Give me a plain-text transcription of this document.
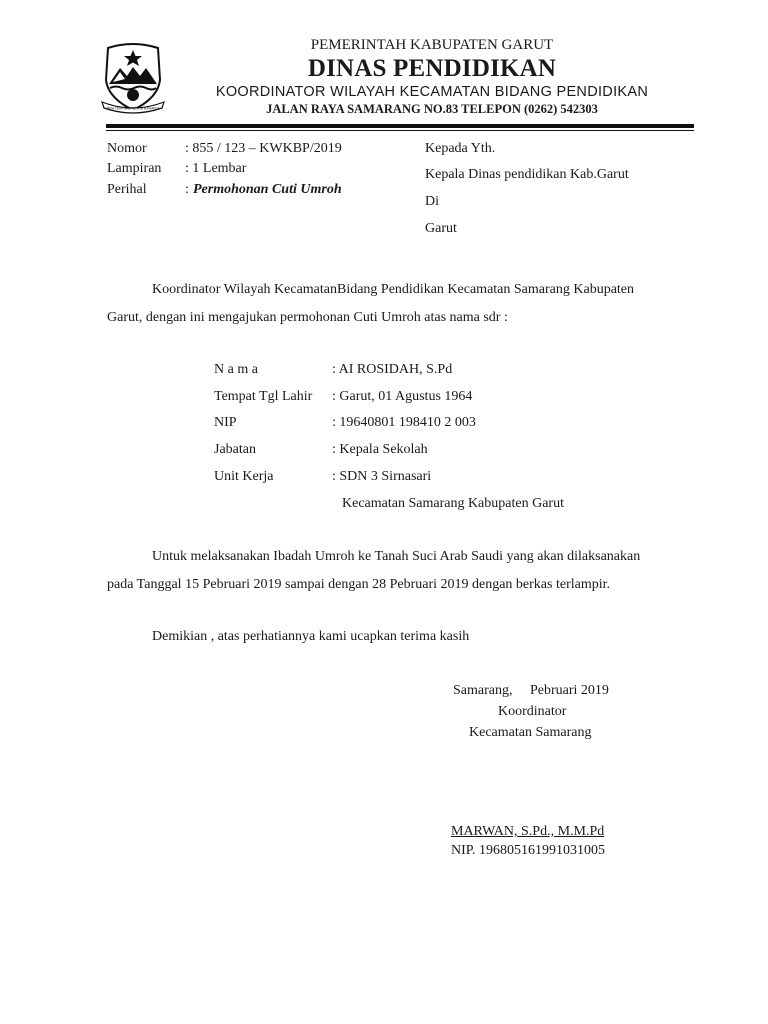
TATA TENTRAM KERTA RAHARJA
PEMERINTAH KABUPATEN GARUT
DINAS PENDIDIKAN
KOORDINATOR WILAYAH KECAMATAN BIDANG PENDIDIKAN
JALAN RAYA SAMARANG NO.83 TELEPON (0262) 542303
Nomor	: 855 / 123 – KWKBP/2019
Lampiran : 1 Lembar
Perihal	: Permohonan Cuti Umroh
Kepada Yth.
Kepala Dinas pendidikan Kab.Garut
Di
Garut
Koordinator Wilayah KecamatanBidang Pendidikan Kecamatan Samarang Kabupaten
Garut, dengan ini mengajukan permohonan Cuti Umroh atas nama sdr :
N a m a	: AI ROSIDAH, S.Pd
Tempat Tgl Lahir : Garut, 01 Agustus 1964
NIP	: 19640801 198410 2 003
Jabatan	: Kepala Sekolah
Unit Kerja	: SDN 3 Sirnasari
Kecamatan Samarang Kabupaten Garut
Untuk melaksanakan Ibadah Umroh ke Tanah Suci Arab Saudi yang akan dilaksanakan
pada Tanggal 15 Pebruari 2019 sampai dengan 28 Pebruari 2019 dengan berkas terlampir.
Demikian , atas perhatiannya kami ucapkan terima kasih
Samarang,     Pebruari 2019
Koordinator
Kecamatan Samarang
MARWAN, S.Pd., M.M.Pd
NIP. 196805161991031005
